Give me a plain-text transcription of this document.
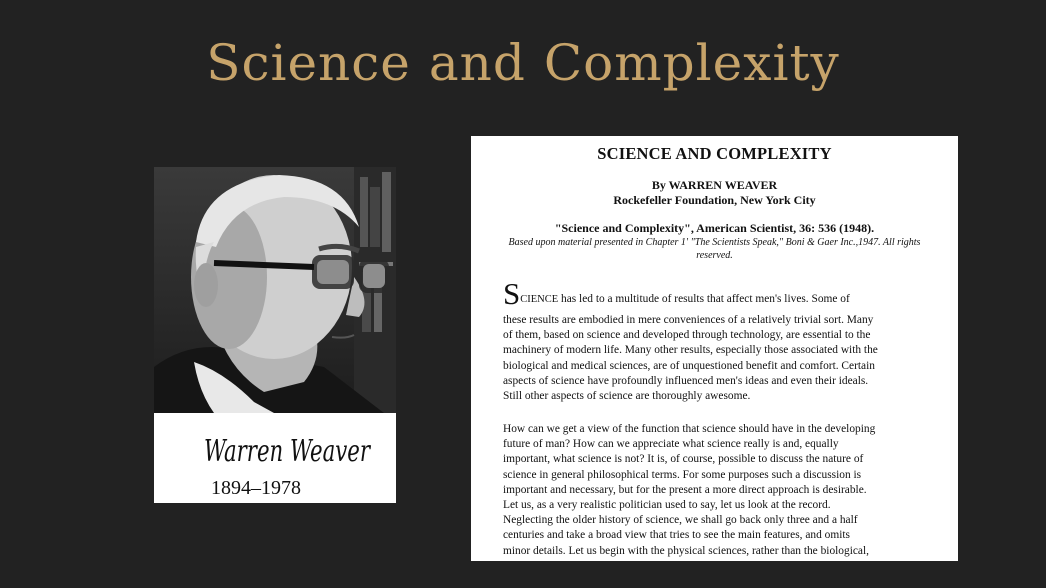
Science and Complexity
Warren Weaver
1894–1978
SCIENCE AND COMPLEXITY
By WARREN WEAVER
Rockefeller Foundation, New York City
"Science and Complexity", American Scientist, 36: 536 (1948).
Based upon material presented in Chapter 1' "The Scientists Speak," Boni & Gaer Inc.,1947. All rights
reserved.
SCIENCE has led to a multitude of results that affect men's lives. Some of
these results are embodied in mere conveniences of a relatively trivial sort. Many
of them, based on science and developed through technology, are essential to the
machinery of modern life. Many other results, especially those associated with the
biological and medical sciences, are of unquestioned benefit and comfort. Certain
aspects of science have profoundly influenced men's ideas and even their ideals.
Still other aspects of science are thoroughly awesome.
How can we get a view of the function that science should have in the developing
future of man? How can we appreciate what science really is and, equally
important, what science is not? It is, of course, possible to discuss the nature of
science in general philosophical terms. For some purposes such a discussion is
important and necessary, but for the present a more direct approach is desirable.
Let us, as a very realistic politician used to say, let us look at the record.
Neglecting the older history of science, we shall go back only three and a half
centuries and take a broad view that tries to see the main features, and omits
minor details. Let us begin with the physical sciences, rather than the biological,
